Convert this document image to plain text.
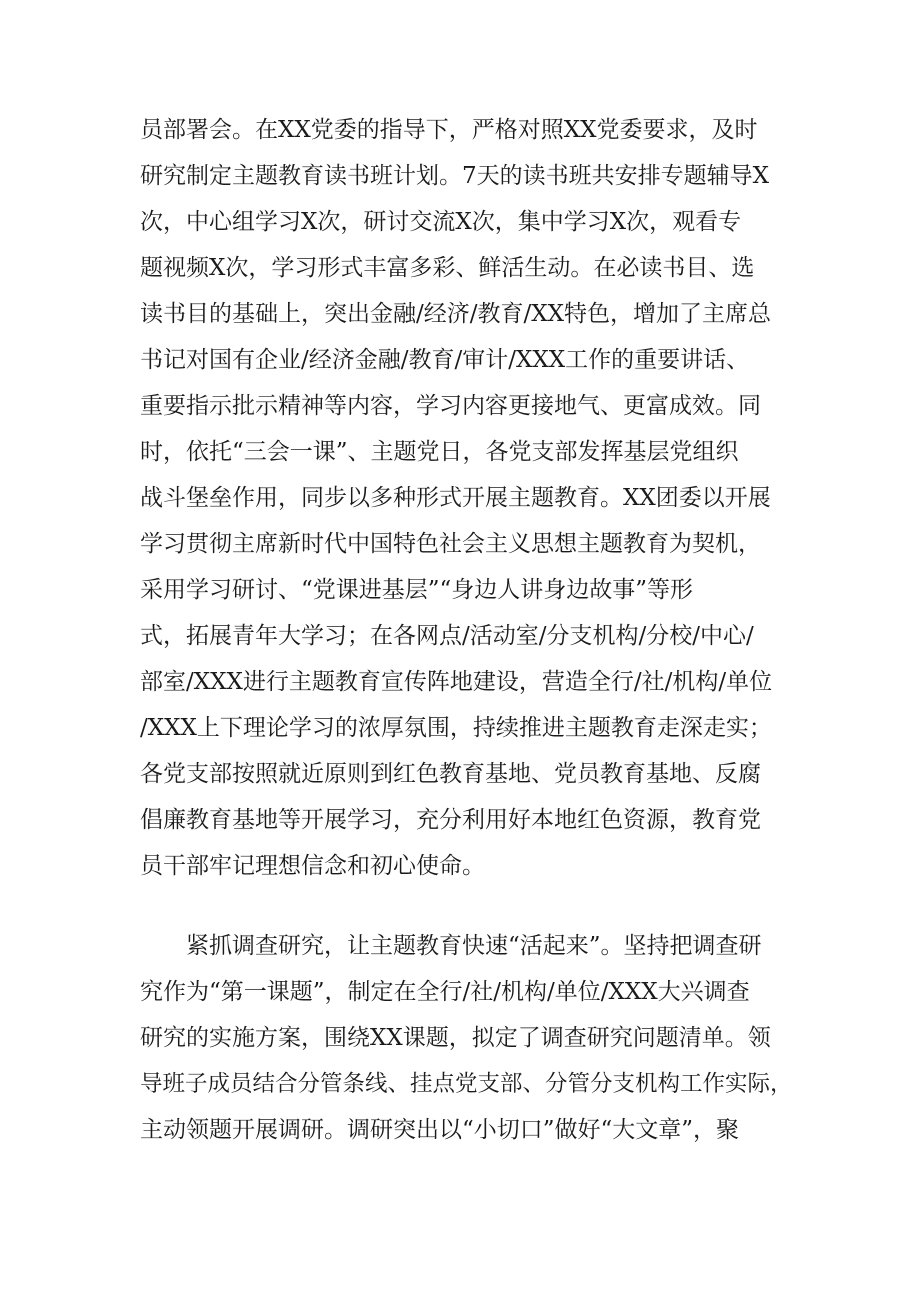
员部署会。在XX党委的指导下，严格对照XX党委要求，及时
研究制定主题教育读书班计划。7天的读书班共安排专题辅导X
次，中心组学习X次，研讨交流X次，集中学习X次，观看专
题视频X次，学习形式丰富多彩、鲜活生动。在必读书目、选
读书目的基础上，突出金融/经济/教育/XX特色，增加了主席总
书记对国有企业/经济金融/教育/审计/XXX工作的重要讲话、
重要指示批示精神等内容，学习内容更接地气、更富成效。同
时，依托“三会一课”、主题党日，各党支部发挥基层党组织
战斗堡垒作用，同步以多种形式开展主题教育。XX团委以开展
学习贯彻主席新时代中国特色社会主义思想主题教育为契机，
采用学习研讨、“党课进基层”“身边人讲身边故事”等形
式，拓展青年大学习；在各网点/活动室/分支机构/分校/中心/
部室/XXX进行主题教育宣传阵地建设，营造全行/社/机构/单位
/XXX上下理论学习的浓厚氛围，持续推进主题教育走深走实；
各党支部按照就近原则到红色教育基地、党员教育基地、反腐
倡廉教育基地等开展学习，充分利用好本地红色资源，教育党
员干部牢记理想信念和初心使命。
紧抓调查研究，让主题教育快速“活起来”。坚持把调查研
究作为“第一课题”，制定在全行/社/机构/单位/XXX大兴调查
研究的实施方案，围绕XX课题，拟定了调查研究问题清单。领
导班子成员结合分管条线、挂点党支部、分管分支机构工作实际，
主动领题开展调研。调研突出以“小切口”做好“大文章”，聚
